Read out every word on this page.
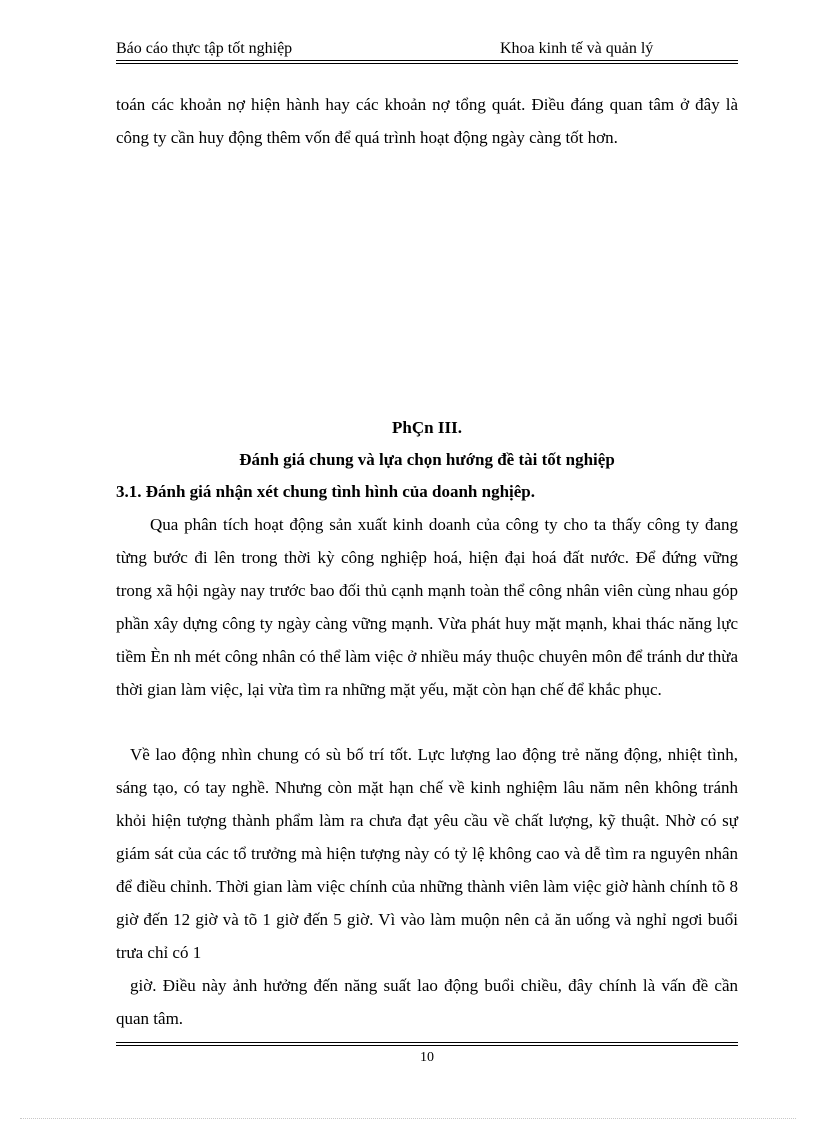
Báo cáo thực tập tốt nghiệp	Khoa kinh tế và quản lý
toán các khoản nợ hiện hành hay các khoản nợ tổng quát. Điều đáng quan tâm ở đây là công ty cần huy động thêm vốn để quá trình hoạt động ngày càng tốt hơn.
PhÇn III.
Đánh giá chung và lựa chọn hướng đề tài tốt nghiệp
3.1. Đánh giá nhận xét chung tình hình của doanh nghịêp.

Qua phân tích hoạt động sản xuất kinh doanh của công ty cho ta thấy công ty đang từng bước đi lên trong thời kỳ công nghiệp hoá, hiện đại hoá đất nước. Để đứng vững trong xã hội ngày nay trước bao đối thủ cạnh mạnh toàn thể công nhân viên cùng nhau góp phần xây dựng công ty ngày càng vững mạnh. Vừa phát huy mặt mạnh, khai thác năng lực tiềm Èn nh mét công nhân có thể làm việc ở nhiều máy thuộc chuyên môn để tránh dư thừa thời gian làm việc, lại vừa tìm ra những mặt yếu, mặt còn hạn chế để khắc phục.

Về lao động nhìn chung có sù bố trí tốt. Lực lượng lao động trẻ năng động, nhiệt tình, sáng tạo, có tay nghề. Nhưng còn mặt hạn chế về kinh nghiệm lâu năm nên không tránh khỏi hiện tượng thành phẩm làm ra chưa đạt yêu cầu về chất lượng, kỹ thuật. Nhờ có sự giám sát của các tổ trưởng mà hiện tượng này có tỷ lệ không cao và dễ tìm ra nguyên nhân để điều chỉnh. Thời gian làm việc chính của những thành viên làm việc giờ hành chính tõ 8 giờ đến 12 giờ và tõ 1 giờ đến 5 giờ. Vì vào làm muộn nên cả ăn uống và nghỉ ngơi buổi trưa chỉ có 1

giờ. Điều này ảnh hưởng đến năng suất lao động buổi chiều, đây chính là vấn đề cần quan tâm.

10
